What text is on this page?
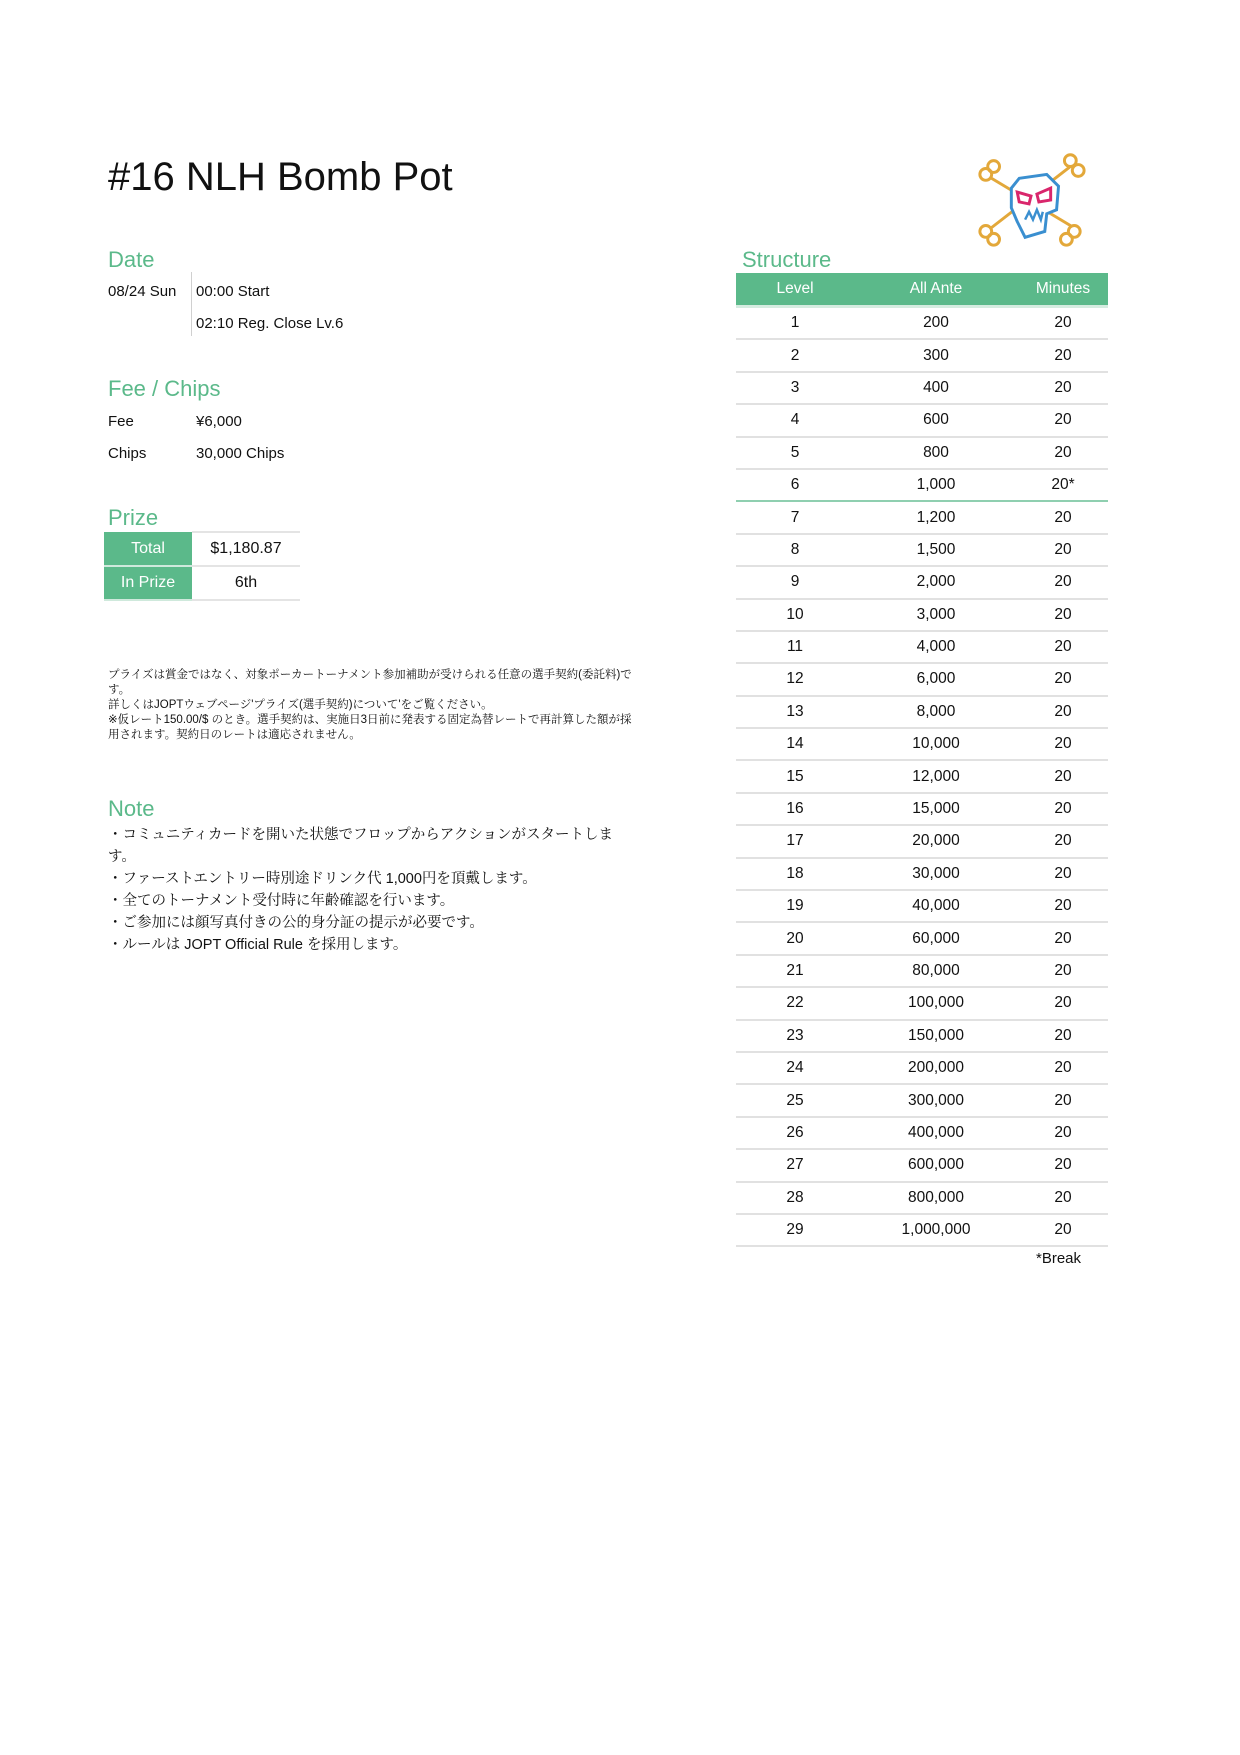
#16 NLH Bomb Pot
Date
08/24 Sun 00:00 Start
02:10 Reg. Close Lv.6
Fee / Chips
Fee	¥6,000
Chips	30,000 Chips
Prize
Total	$1,180.87
In Prize	6th
プライズは賞金ではなく、対象ポーカートーナメント参加補助が受けられる任意の選手契約(委託料)です。
詳しくはJOPTウェブページ'プライズ(選手契約)について'をご覧ください。
※仮レート150.00/$ のとき。選手契約は、実施日3日前に発表する固定為替レートで再計算した額が採用されます。契約日のレートは適応されません。
Note
・コミュニティカードを開いた状態でフロップからアクションがスタートします。
・ファーストエントリー時別途ドリンク代 1,000円を頂戴します。
・全てのトーナメント受付時に年齢確認を行います。
・ご参加には顔写真付きの公的身分証の提示が必要です。
・ルールは JOPT Official Rule を採用します。
Structure
Level	All Ante	Minutes
1	200	20
2	300	20
3	400	20
4	600	20
5	800	20
6	1,000	20*
7	1,200	20
8	1,500	20
9	2,000	20
10	3,000	20
11	4,000	20
12	6,000	20
13	8,000	20
14	10,000	20
15	12,000	20
16	15,000	20
17	20,000	20
18	30,000	20
19	40,000	20
20	60,000	20
21	80,000	20
22	100,000	20
23	150,000	20
24	200,000	20
25	300,000	20
26	400,000	20
27	600,000	20
28	800,000	20
29	1,000,000	20
*Break
